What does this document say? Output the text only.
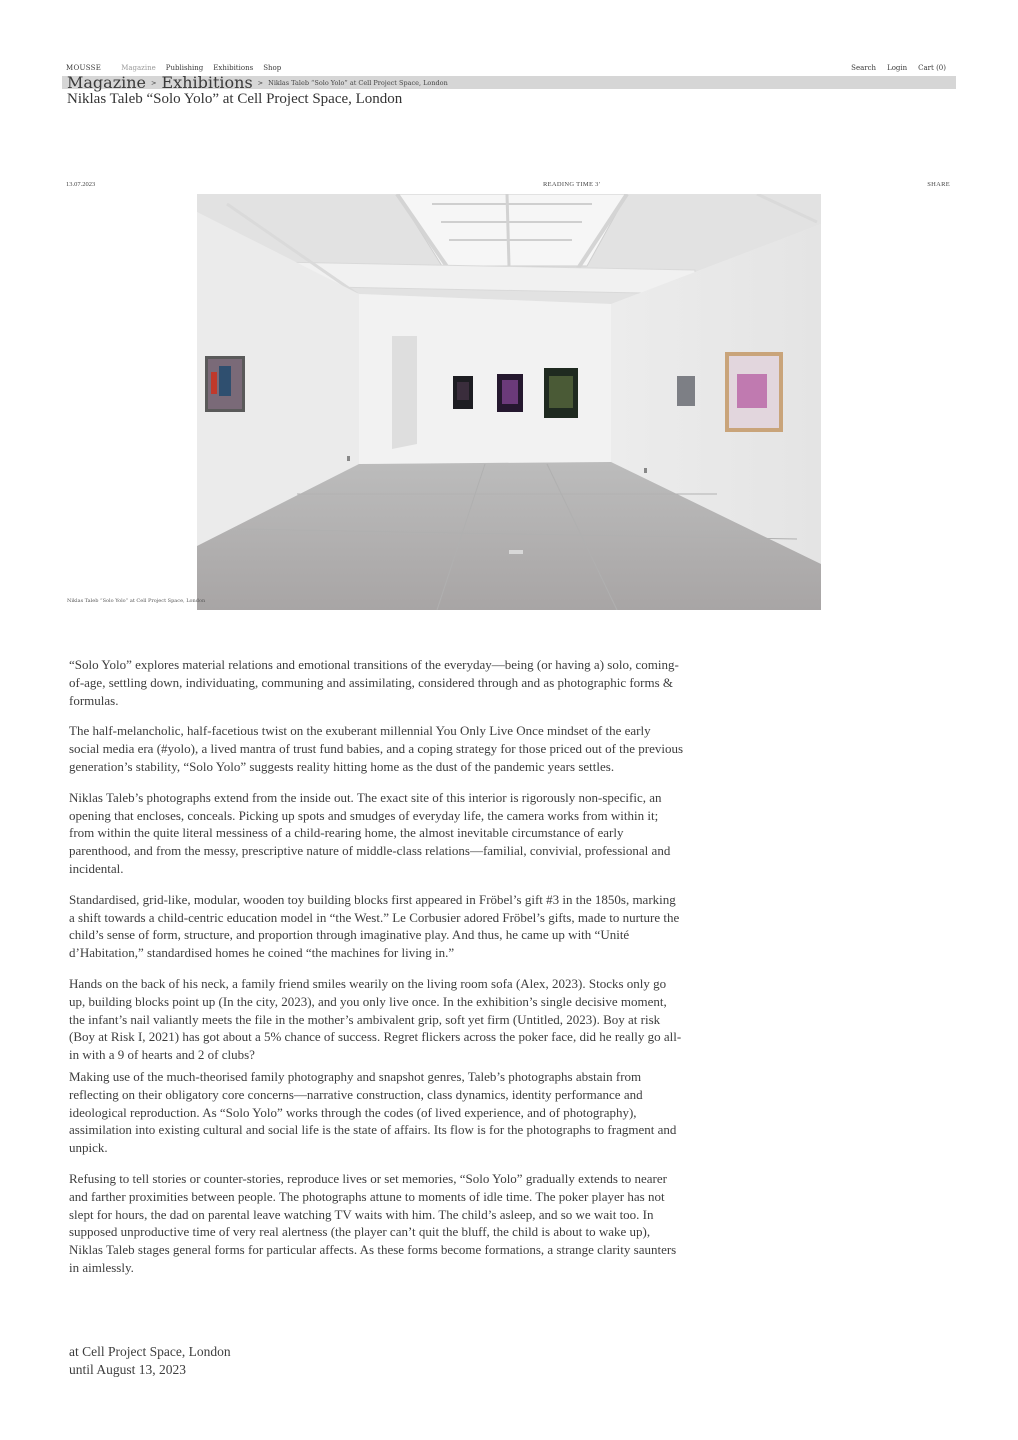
MOUSSE	Magazine Publishing Exhibitions Shop	Search Login Cart (0)
Magazine > Exhibitions > Niklas Taleb “Solo Yolo” at Cell Project Space, London
Niklas Taleb “Solo Yolo” at Cell Project Space, London
13.07.2023	READING TIME 3'	SHARE
Niklas Taleb “Solo Yolo” at Cell Project Space, London

“Solo Yolo” explores material relations and emotional transitions of the everyday—being (or having a) solo, coming-of-age, settling down, individuating, communing and assimilating, considered through and as photographic forms & formulas.

The half-melancholic, half-facetious twist on the exuberant millennial You Only Live Once mindset of the early social media era (#yolo), a lived mantra of trust fund babies, and a coping strategy for those priced out of the previous generation’s stability, “Solo Yolo” suggests reality hitting home as the dust of the pandemic years settles.

Niklas Taleb’s photographs extend from the inside out. The exact site of this interior is rigorously non-specific, an opening that encloses, conceals. Picking up spots and smudges of everyday life, the camera works from within it; from within the quite literal messiness of a child-rearing home, the almost inevitable circumstance of early parenthood, and from the messy, prescriptive nature of middle-class relations—familial, convivial, professional and incidental.

Standardised, grid-like, modular, wooden toy building blocks first appeared in Fröbel’s gift #3 in the 1850s, marking a shift towards a child-centric education model in “the West.” Le Corbusier adored Fröbel’s gifts, made to nurture the child’s sense of form, structure, and proportion through imaginative play. And thus, he came up with “Unité d’Habitation,” standardised homes he coined “the machines for living in.”

Hands on the back of his neck, a family friend smiles wearily on the living room sofa (Alex, 2023). Stocks only go up, building blocks point up (In the city, 2023), and you only live once. In the exhibition’s single decisive moment, the infant’s nail valiantly meets the file in the mother’s ambivalent grip, soft yet firm (Untitled, 2023). Boy at risk (Boy at Risk I, 2021) has got about a 5% chance of success. Regret flickers across the poker face, did he really go all-in with a 9 of hearts and 2 of clubs?

Making use of the much-theorised family photography and snapshot genres, Taleb’s photographs abstain from reflecting on their obligatory core concerns—narrative construction, class dynamics, identity performance and ideological reproduction. As “Solo Yolo” works through the codes (of lived experience, and of photography), assimilation into existing cultural and social life is the state of affairs. Its flow is for the photographs to fragment and unpick.

Refusing to tell stories or counter-stories, reproduce lives or set memories, “Solo Yolo” gradually extends to nearer and farther proximities between people. The photographs attune to moments of idle time. The poker player has not slept for hours, the dad on parental leave watching TV waits with him. The child’s asleep, and so we wait too. In supposed unproductive time of very real alertness (the player can’t quit the bluff, the child is about to wake up), Niklas Taleb stages general forms for particular affects. As these forms become formations, a strange clarity saunters in aimlessly.

at Cell Project Space, London
until August 13, 2023
